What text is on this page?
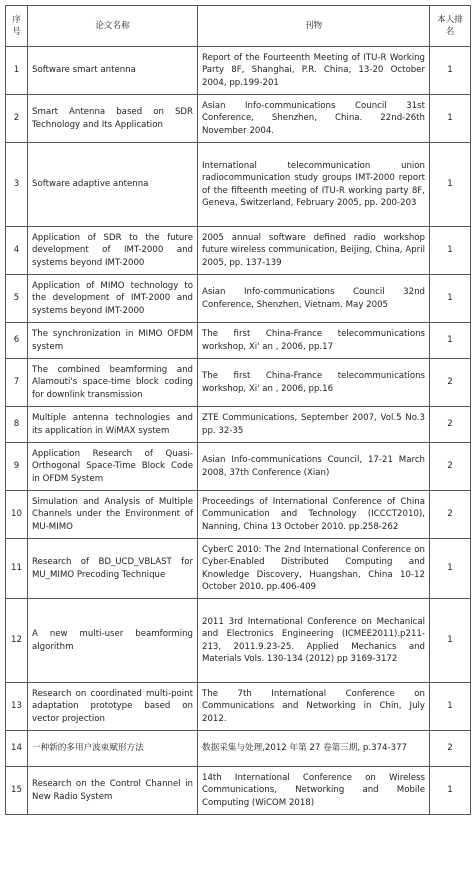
序号	论文名称	刊物	本人排名
1	Software smart antenna	Report of the Fourteenth Meeting of ITU-R Working Party 8F, Shanghai, P.R. China, 13-20 October 2004, pp.199-201	1
2	Smart Antenna based on SDR Technology and Its Application	Asian Info-communications Council 31st Conference, Shenzhen, China. 22nd-26th November 2004.	1
3	Software adaptive antenna	International telecommunication union radiocommunication study groups IMT-2000 report of the fifteenth meeting of ITU-R working party 8F, Geneva, Switzerland, February 2005, pp. 200-203	1
4	Application of SDR to the future development of IMT-2000 and systems beyond IMT-2000	2005 annual software defined radio workshop future wireless communication, Beijing, China, April 2005, pp. 137-139	1
5	Application of MIMO technology to the development of IMT-2000 and systems beyond IMT-2000	Asian Info-communications Council 32nd Conference, Shenzhen, Vietnam. May 2005	1
6	The synchronization in MIMO OFDM system	The first China-France telecommunications workshop, Xi' an , 2006, pp.17	1
7	The combined beamforming and Alamouti's space-time block coding for downlink transmission	The first China-France telecommunications workshop, Xi' an , 2006, pp.16	2
8	Multiple antenna technologies and its application in WiMAX system	ZTE Communications, September 2007, Vol.5 No.3 pp. 32-35	2
9	Application Research of Quasi-Orthogonal Space-Time Block Code in OFDM System	Asian Info-communications Council, 17-21 March 2008, 37th Conference (Xian)	2
10	Simulation and Analysis of Multiple Channels under the Environment of MU-MIMO	Proceedings of International Conference of China Communication and Technology (ICCCT2010), Nanning, China 13 October 2010. pp.258-262	2
11	Research of BD_UCD_VBLAST for MU_MIMO Precoding Technique	CyberC 2010: The 2nd International Conference on Cyber-Enabled Distributed Computing and Knowledge Discovery, Huangshan, China 10-12 October 2010. pp.406-409	1
12	A new multi-user beamforming algorithm	2011 3rd International Conference on Mechanical and Electronics Engineering (ICMEE2011).p211-213, 2011.9.23-25. Applied Mechanics and Materials Vols. 130-134 (2012) pp 3169-3172	1
13	Research on coordinated multi-point adaptation prototype based on vector projection	The 7th International Conference on Communications and Networking in Chin, July 2012.	1
14	一种新的多用户波束赋形方法	数据采集与处理,2012 年第 27 卷第三期, p.374-377	2
15	Research on the Control Channel in New Radio System	14th International Conference on Wireless Communications, Networking and Mobile Computing (WiCOM 2018)	1
